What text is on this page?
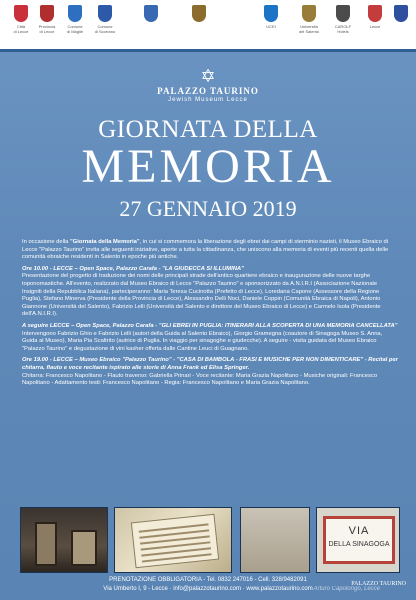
Città
di Lecce
Provincia
di Lecce
Comune
di Maglie
Comune
di Scorrano
UCEI	Università
del Salento
CAROLF
Hotels
Lecce
✡
PALAZZO TAURINO
Jewish Museum Lecce
GIORNATA DELLA
MEMORIA
27 GENNAIO 2019

In occasione della "Giornata della Memoria", in cui si commemora la liberazione degli ebrei dai campi di sterminio nazisti, il Museo Ebraico di Lecce "Palazzo Taurino" invita alle seguenti iniziative, aperte a tutta la cittadinanza, che uniscono alla memoria di eventi più recenti quella delle comunità ebraiche residenti in Salento in epoche più antiche.

Ore 10.00 - LECCE – Open Space, Palazzo Carafa - "LA GIUDECCA SI ILLUMINA"
Presentazione del progetto di traduzione dei nomi delle principali strade dell'antico quartiere ebraico e inaugurazione delle nuove targhe toponomastiche. All'evento, realizzato dal Museo Ebraico di Lecce "Palazzo Taurino" e sponsorizzato da A.N.I.R.I (Associazione Nazionale Insigniti della Repubblica Italiana), parteciperanno: Maria Teresa Cucinotta (Prefetto di Lecce), Loredana Capone (Assessore della Regione Puglia), Stefano Minerva (Presidente della Provincia di Lecce), Alessandro Delli Noci, Daniele Coppin (Comunità Ebraica di Napoli), Antonio Giannone (Università del Salento), Fabrizio Lelli (Università del Salento e direttore del Museo Ebraico di Lecce) e Carmelo Isola (Presidente dell'A.N.I.R.I).

A seguire LECCE – Open Space, Palazzo Carafa - "GLI EBREI IN PUGLIA: ITINERARI ALLA SCOPERTA DI UNA MEMORIA CANCELLATA"
Intervengono Fabrizio Ghio e Fabrizio Lelli (autori della Guida al Salento Ebraico), Giorgio Gramegna (coautore di Sinagoga Museo S. Anna, Guida al Museo), Maria Pia Scaltrito (autrice di Puglia. In viaggio per sinagoghe e giudecche). A seguire - visita guidata del Museo Ebraico "Palazzo Taurino" e degustazione di vini kasher offerta dalle Cantine Leuci di Guagnano.

Ore 19.00 - LECCE – Museo Ebraico "Palazzo Taurino" - "CASA DI BAMBOLA - FRASI E MUSICHE PER NON DIMENTICARE" - Recital per chitarra, flauto e voce recitante ispirato alle storie di Anna Frank ed Elisa Springer.
Chitarra: Francesco Napolitano - Flauto traverso: Gabriella Prinari - Voce recitante: Maria Grazia Napolitano - Musiche originali: Francesco Napolitano - Adattamento testi: Francesco Napolitano - Regia: Francesco Napolitano e Maria Grazia Napolitano.

VIA
DELLA SINAGOGA
PRENOTAZIONE OBBLIGATORIA - Tel. 0832 247016 - Cell. 328/9482091
Via Umberto I, 9 - Lecce · info@palazzotaurino.com · www.palazzotaurino.com
PALAZZO TAURINO
Arturo Capolongo, Lecce
